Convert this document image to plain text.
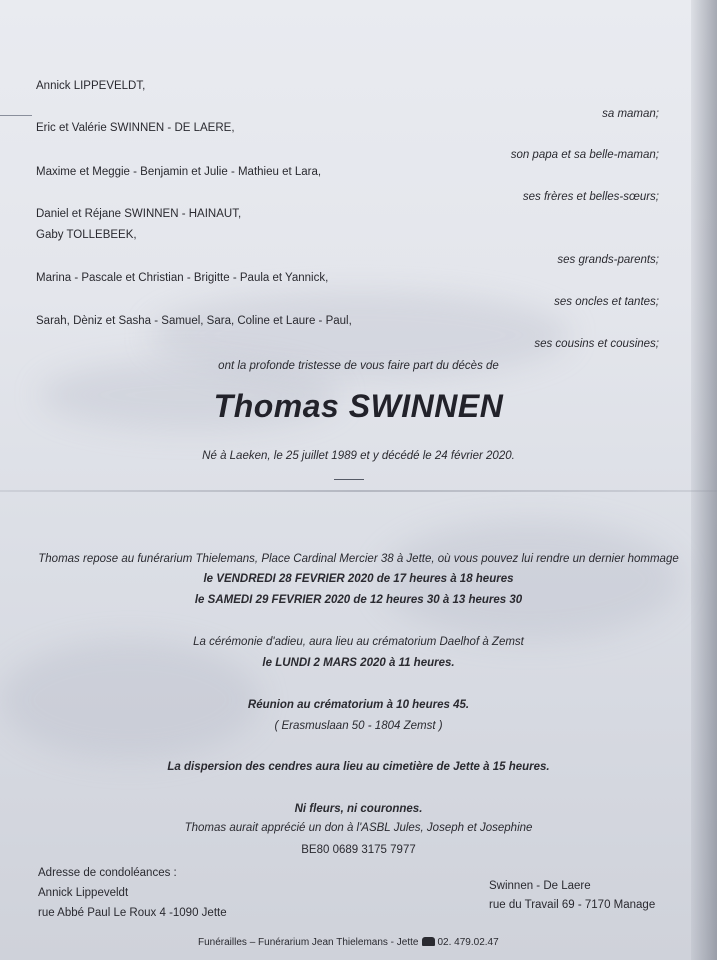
Annick LIPPEVELDT,
sa maman;
Eric et Valérie SWINNEN - DE LAERE,
son papa et sa belle-maman;
Maxime et Meggie - Benjamin et Julie - Mathieu et Lara,
ses frères et belles-sœurs;
Daniel et Réjane SWINNEN - HAINAUT,
Gaby TOLLEBEEK,
ses grands-parents;
Marina - Pascale et Christian - Brigitte - Paula et Yannick,
ses oncles et tantes;
Sarah, Dèniz et Sasha - Samuel, Sara, Coline et Laure - Paul,
ses cousins et cousines;
ont la profonde tristesse de vous faire part du décès de
Thomas SWINNEN
Né à Laeken, le 25 juillet 1989 et y décédé le 24 février 2020.
Thomas repose au funérarium Thielemans, Place Cardinal Mercier 38 à Jette, où vous pouvez lui rendre un dernier hommage
le VENDREDI 28 FEVRIER 2020 de 17 heures à 18 heures
le SAMEDI 29 FEVRIER 2020 de 12 heures 30 à 13 heures 30
La cérémonie d'adieu, aura lieu au crématorium Daelhof à Zemst
le LUNDI 2 MARS 2020 à 11 heures.
Réunion au crématorium à 10 heures 45.
( Erasmuslaan 50 - 1804 Zemst )
La dispersion des cendres aura lieu au cimetière de Jette à 15 heures.
Ni fleurs, ni couronnes.
Thomas aurait apprécié un don à l'ASBL Jules, Joseph et Josephine
BE80 0689 3175 7977
Adresse de condoléances :
Annick Lippeveldt
rue Abbé Paul Le Roux 4 -1090 Jette
Swinnen - De Laere
rue du Travail 69 - 7170 Manage
Funérailles – Funérarium Jean Thielemans - Jette 02. 479.02.47
